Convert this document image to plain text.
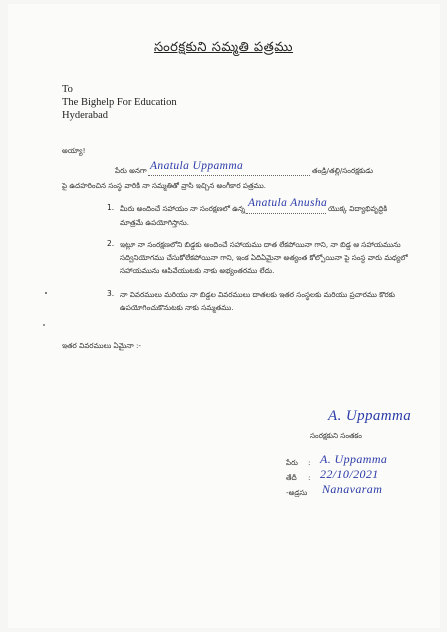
సంరక్షకుని సమ్మతి పత్రము
To
The Bighelp For Education
Hyderabad
అయ్యా!
పేరు అనగా Anatula Uppamma	తండ్రి/తల్లి/సంరక్షకుడు
పై ఉదహరించిన సంస్థ వారికి నా సమ్మతితో వ్రాసి ఇచ్చిన అంగీకార పత్రము.
1. మీరు అందించే సహాయం నా సంరక్షణలో ఉన్న Anatula Anusha యొక్క విద్యాభివృద్ధికి
మాత్రమే ఉపయోగిస్తాను.
2. ఇట్లూ నా సంరక్షణలోని బిడ్డకు అందించే సహాయము దాత లేకపోయినా గాని, నా బిడ్డ ఆ సహాయమును
సద్వినియోగము చేసుకోలేకపోయినా గాని, ఇంక ఏదిఏమైనా అత్యంత కోల్పోయినా పై సంస్థ వారు మధ్యలో
సహాయమును ఆపివేయుటకు నాకు అభ్యంతరము లేదు.
3. నా వివరములు మరియు నా బిడ్డల వివరములు దాతలకు ఇతర సంస్థలకు మరియు ప్రచారము కొరకు
ఉపయోగించుకొనుటకు నాకు సమ్మతము.
ఇతర వివరములు ఏమైనా :-
A. Uppamma
సంరక్షకుని సంతకం
పేరు : A. Uppamma
తేదీ : 22/10/2021
-అడ్రసు Nanavaram
